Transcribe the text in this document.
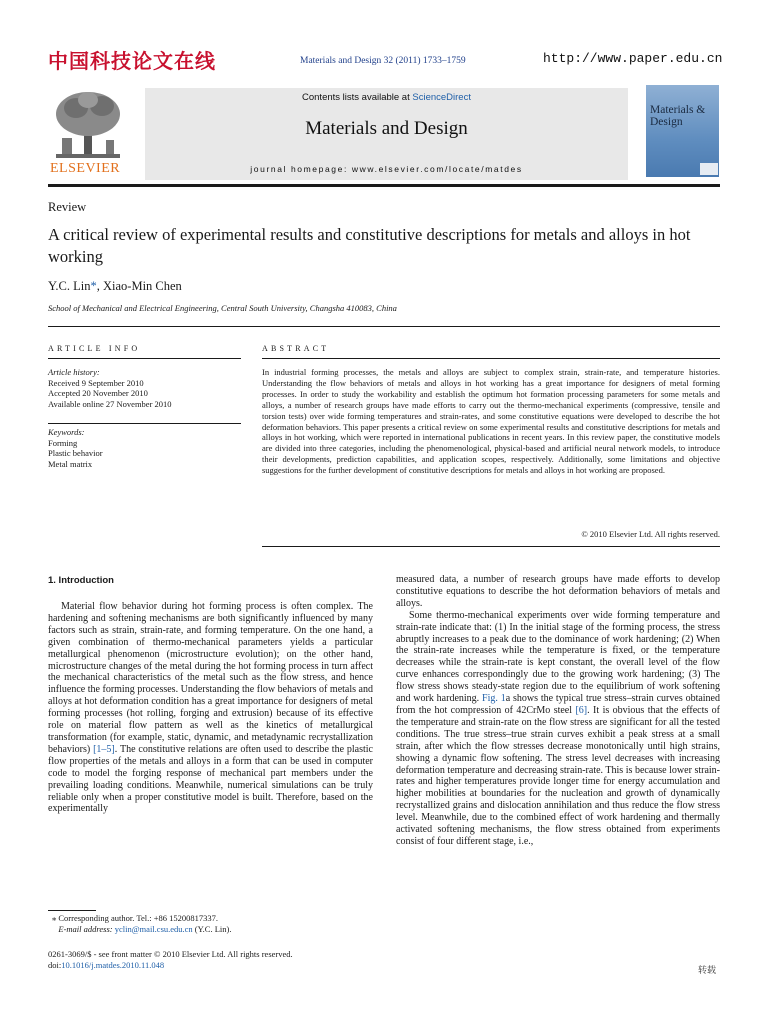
中国科技论文在线	Materials and Design 32 (2011) 1733–1759	http://www.paper.edu.cn
ELSEVIER
Contents lists available at ScienceDirect
Materials and Design
journal homepage: www.elsevier.com/locate/matdes
Materials & Design
Review
A critical review of experimental results and constitutive descriptions for metals and alloys in hot working
Y.C. Lin*, Xiao-Min Chen
School of Mechanical and Electrical Engineering, Central South University, Changsha 410083, China
ARTICLE INFO
Article history:
Received 9 September 2010
Accepted 20 November 2010
Available online 27 November 2010
Keywords:
Forming
Plastic behavior
Metal matrix
ABSTRACT
In industrial forming processes, the metals and alloys are subject to complex strain, strain-rate, and temperature histories. Understanding the flow behaviors of metals and alloys in hot working has a great importance for designers of metal forming processes. In order to study the workability and establish the optimum hot formation processing parameters for some metals and alloys, a number of research groups have made efforts to carry out the thermo-mechanical experiments (compressive, tensile and torsion tests) over wide forming temperatures and strain-rates, and some constitutive equations were developed to describe the hot deformation behaviors. This paper presents a critical review on some experimental results and constitutive descriptions for metals and alloys in hot working, which were reported in international publications in recent years. In this review paper, the constitutive models are divided into three categories, including the phenomenological, physical-based and artificial neural network models, to introduce their developments, prediction capabilities, and application scopes, respectively. Additionally, some limitations and objective suggestions for the further development of constitutive descriptions for metals and alloys in hot working are proposed.
© 2010 Elsevier Ltd. All rights reserved.
1. Introduction

Material flow behavior during hot forming process is often complex. The hardening and softening mechanisms are both significantly influenced by many factors such as strain, strain-rate, and forming temperature. On the one hand, a given combination of thermo-mechanical parameters yields a particular metallurgical phenomenon (microstructure evolution); on the other hand, microstructure changes of the metal during the hot forming process in turn affect the mechanical characteristics of the metal such as the flow stress, and hence influence the forming processes. Understanding the flow behaviors of metals and alloys at hot deformation condition has a great importance for designers of metal forming processes (hot rolling, forging and extrusion) because of its effective role on material flow pattern as well as the kinetics of metallurgical transformation (for example, static, dynamic, and metadynamic recrystallization behaviors) [1–5]. The constitutive relations are often used to describe the plastic flow properties of the metals and alloys in a form that can be used in computer code to model the forging response of mechanical part members under the prevailing loading conditions. Meanwhile, numerical simulations can be truly reliable only when a proper constitutive model is built. Therefore, based on the experimentally

measured data, a number of research groups have made efforts to develop constitutive equations to describe the hot deformation behaviors of metals and alloys.

Some thermo-mechanical experiments over wide forming temperature and strain-rate indicate that: (1) In the initial stage of the forming process, the stress abruptly increases to a peak due to the dominance of work hardening; (2) When the strain-rate increases while the temperature is fixed, or the temperature decreases while the strain-rate is kept constant, the overall level of the flow curve enhances correspondingly due to the growing work hardening; (3) The flow stress shows steady-state region due to the equilibrium of work softening and work hardening. Fig. 1a shows the typical true stress–strain curves obtained from the hot compression of 42CrMo steel [6]. It is obvious that the effects of the temperature and strain-rate on the flow stress are significant for all the tested conditions. The true stress–true strain curves exhibit a peak stress at a small strain, after which the flow stresses decrease monotonically until high strains, showing a dynamic flow softening. The stress level decreases with increasing deformation temperature and decreasing strain-rate. This is because lower strain-rates and higher temperatures provide longer time for energy accumulation and higher mobilities at boundaries for the nucleation and growth of dynamically recrystallized grains and dislocation annihilation and thus reduce the flow stress level. Meanwhile, due to the combined effect of work hardening and thermally activated softening mechanisms, the flow stress obtained from experiments consist of four different stage, i.e.,

⁎ Corresponding author. Tel.: +86 15200817337.
E-mail address: yclin@mail.csu.edu.cn (Y.C. Lin).
0261-3069/$ - see front matter © 2010 Elsevier Ltd. All rights reserved.
doi:10.1016/j.matdes.2010.11.048
转载
